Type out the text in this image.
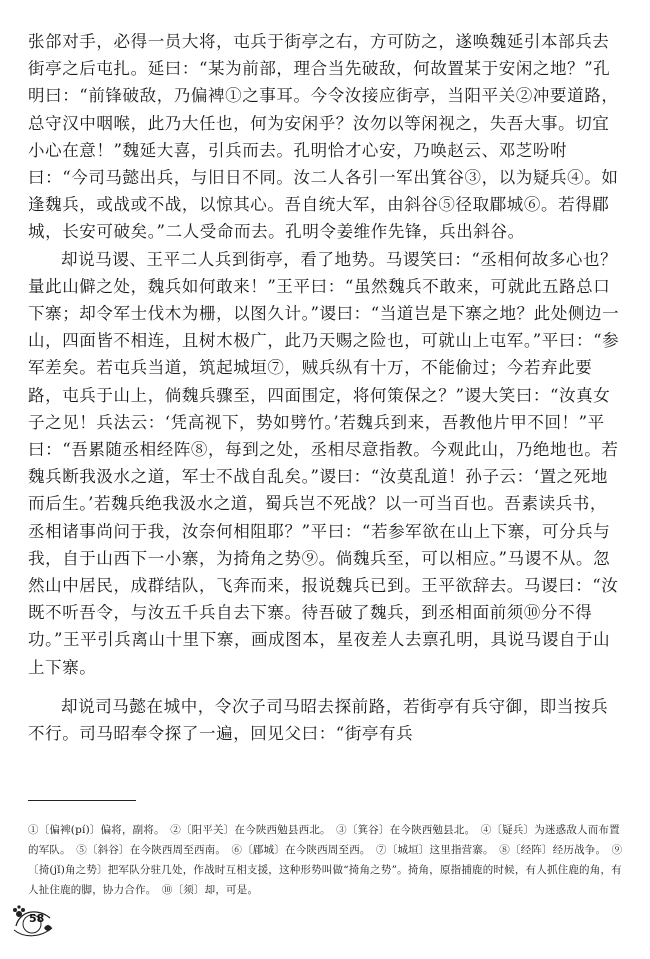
张郃对手，必得一员大将，屯兵于街亭之右，方可防之，遂唤魏延引本部兵去街亭之后屯扎。延曰：“某为前部，理合当先破敌，何故置某于安闲之地？”孔明曰：“前锋破敌，乃偏裨①之事耳。今令汝接应街亭，当阳平关②冲要道路，总守汉中咽喉，此乃大任也，何为安闲乎？汝勿以等闲视之，失吾大事。切宜小心在意！”魏延大喜，引兵而去。孔明恰才心安，乃唤赵云、邓芝吩咐曰：“今司马懿出兵，与旧日不同。汝二人各引一军出箕谷③，以为疑兵④。如逢魏兵，或战或不战，以惊其心。吾自统大军，由斜谷⑤径取郿城⑥。若得郿城，长安可破矣。”二人受命而去。孔明令姜维作先锋，兵出斜谷。

却说马谡、王平二人兵到街亭，看了地势。马谡笑曰：“丞相何故多心也？量此山僻之处，魏兵如何敢来！”王平曰：“虽然魏兵不敢来，可就此五路总口下寨；却令军士伐木为栅，以图久计。”谡曰：“当道岂是下寨之地？此处侧边一山，四面皆不相连，且树木极广，此乃天赐之险也，可就山上屯军。”平曰：“参军差矣。若屯兵当道，筑起城垣⑦，贼兵纵有十万，不能偷过；今若弃此要路，屯兵于山上，倘魏兵骤至，四面围定，将何策保之？”谡大笑曰：“汝真女子之见！兵法云：‘凭高视下，势如劈竹。’若魏兵到来，吾教他片甲不回！”平曰：“吾累随丞相经阵⑧，每到之处，丞相尽意指教。今观此山，乃绝地也。若魏兵断我汲水之道，军士不战自乱矣。”谡曰：“汝莫乱道！孙子云：‘置之死地而后生。’若魏兵绝我汲水之道，蜀兵岂不死战？以一可当百也。吾素读兵书，丞相诸事尚问于我，汝奈何相阻耶？”平曰：“若参军欲在山上下寨，可分兵与我，自于山西下一小寨，为掎角之势⑨。倘魏兵至，可以相应。”马谡不从。忽然山中居民，成群结队，飞奔而来，报说魏兵已到。王平欲辞去。马谡曰：“汝既不听吾令，与汝五千兵自去下寨。待吾破了魏兵，到丞相面前须⑩分不得功。”王平引兵离山十里下寨，画成图本，星夜差人去禀孔明，具说马谡自于山上下寨。

却说司马懿在城中，令次子司马昭去探前路，若街亭有兵守御，即当按兵不行。司马昭奉令探了一遍，回见父曰：“街亭有兵

①〔偏裨(pí)〕偏将，副将。　②〔阳平关〕在今陕西勉县西北。　③〔箕谷〕在今陕西勉县北。　④〔疑兵〕为迷惑敌人而布置的军队。　⑤〔斜谷〕在今陕西周至西南。　⑥〔郿城〕在今陕西周至西。　⑦〔城垣〕这里指营寨。　⑧〔经阵〕经历战争。　⑨〔掎(jǐ)角之势〕把军队分驻几处，作战时互相支援，这种形势叫做“掎角之势”。掎角，原指捕鹿的时候，有人抓住鹿的角，有人扯住鹿的脚，协力合作。　⑩〔须〕却，可是。

58
